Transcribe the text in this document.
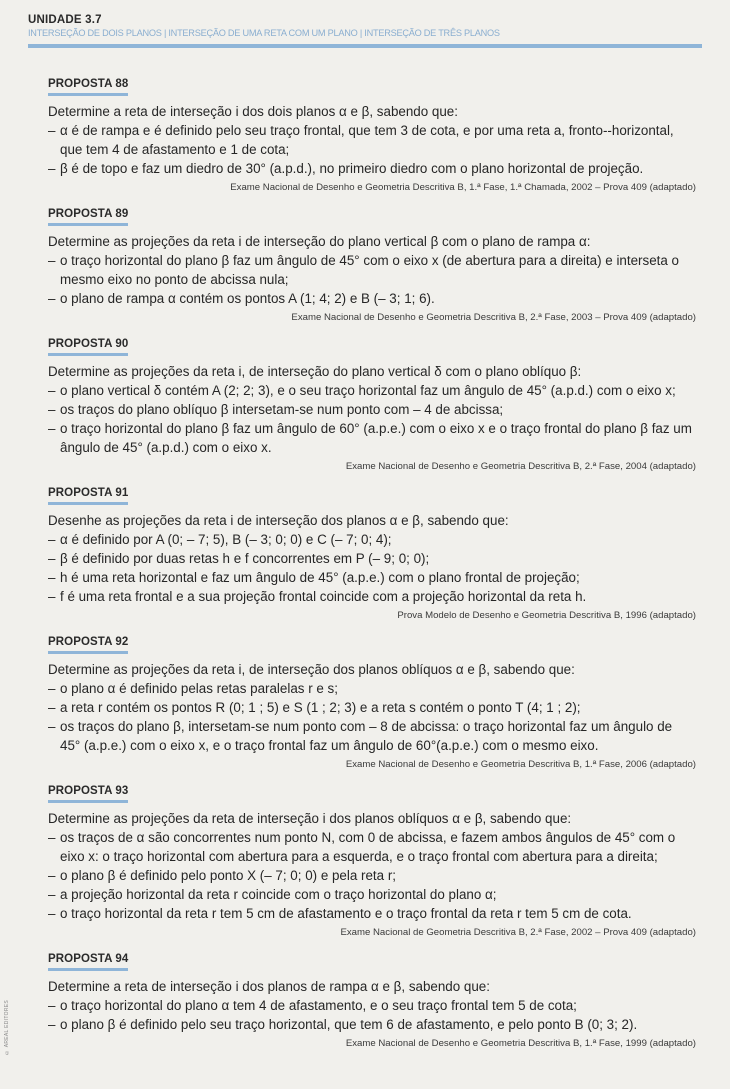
UNIDADE 3.7
INTERSEÇÃO DE DOIS PLANOS | INTERSEÇÃO DE UMA RETA COM UM PLANO | INTERSEÇÃO DE TRÊS PLANOS
PROPOSTA 88
Determine a reta de interseção i dos dois planos α e β, sabendo que:
– α é de rampa e é definido pelo seu traço frontal, que tem 3 de cota, e por uma reta a, fronto--horizontal, que tem 4 de afastamento e 1 de cota;
– β é de topo e faz um diedro de 30° (a.p.d.), no primeiro diedro com o plano horizontal de projeção.
Exame Nacional de Desenho e Geometria Descritiva B, 1.ª Fase, 1.ª Chamada, 2002 – Prova 409 (adaptado)
PROPOSTA 89
Determine as projeções da reta i de interseção do plano vertical β com o plano de rampa α:
– o traço horizontal do plano β faz um ângulo de 45° com o eixo x (de abertura para a direita) e interseta o mesmo eixo no ponto de abcissa nula;
– o plano de rampa α contém os pontos A (1; 4; 2) e B (– 3; 1; 6).
Exame Nacional de Desenho e Geometria Descritiva B, 2.ª Fase, 2003 – Prova 409 (adaptado)
PROPOSTA 90
Determine as projeções da reta i, de interseção do plano vertical δ com o plano oblíquo β:
– o plano vertical δ contém A (2; 2; 3), e o seu traço horizontal faz um ângulo de 45° (a.p.d.) com o eixo x;
– os traços do plano oblíquo β intersetam-se num ponto com – 4 de abcissa;
– o traço horizontal do plano β faz um ângulo de 60° (a.p.e.) com o eixo x e o traço frontal do plano β faz um ângulo de 45° (a.p.d.) com o eixo x.
Exame Nacional de Desenho e Geometria Descritiva B, 2.ª Fase, 2004 (adaptado)
PROPOSTA 91
Desenhe as projeções da reta i de interseção dos planos α e β, sabendo que:
– α é definido por A (0; – 7; 5), B (– 3; 0; 0) e C (– 7; 0; 4);
– β é definido por duas retas h e f concorrentes em P (– 9; 0; 0);
– h é uma reta horizontal e faz um ângulo de 45° (a.p.e.) com o plano frontal de projeção;
– f é uma reta frontal e a sua projeção frontal coincide com a projeção horizontal da reta h.
Prova Modelo de Desenho e Geometria Descritiva B, 1996 (adaptado)
PROPOSTA 92
Determine as projeções da reta i, de interseção dos planos oblíquos α e β, sabendo que:
– o plano α é definido pelas retas paralelas r e s;
– a reta r contém os pontos R (0; 1 ; 5) e S (1 ; 2; 3) e a reta s contém o ponto T (4; 1 ; 2);
– os traços do plano β, intersetam-se num ponto com – 8 de abcissa: o traço horizontal faz um ângulo de 45° (a.p.e.) com o eixo x, e o traço frontal faz um ângulo de 60°(a.p.e.) com o mesmo eixo.
Exame Nacional de Desenho e Geometria Descritiva B, 1.ª Fase, 2006 (adaptado)
PROPOSTA 93
Determine as projeções da reta de interseção i dos planos oblíquos α e β, sabendo que:
– os traços de α são concorrentes num ponto N, com 0 de abcissa, e fazem ambos ângulos de 45° com o eixo x: o traço horizontal com abertura para a esquerda, e o traço frontal com abertura para a direita;
– o plano β é definido pelo ponto X (– 7; 0; 0) e pela reta r;
– a projeção horizontal da reta r coincide com o traço horizontal do plano α;
– o traço horizontal da reta r tem 5 cm de afastamento e o traço frontal da reta r tem 5 cm de cota.
Exame Nacional de Geometria Descritiva B, 2.ª Fase, 2002 – Prova 409 (adaptado)
PROPOSTA 94
Determine a reta de interseção i dos planos de rampa α e β, sabendo que:
– o traço horizontal do plano α tem 4 de afastamento, e o seu traço frontal tem 5 de cota;
– o plano β é definido pelo seu traço horizontal, que tem 6 de afastamento, e pelo ponto B (0; 3; 2).
Exame Nacional de Desenho e Geometria Descritiva B, 1.ª Fase, 1999 (adaptado)
© AREAL EDITORES
